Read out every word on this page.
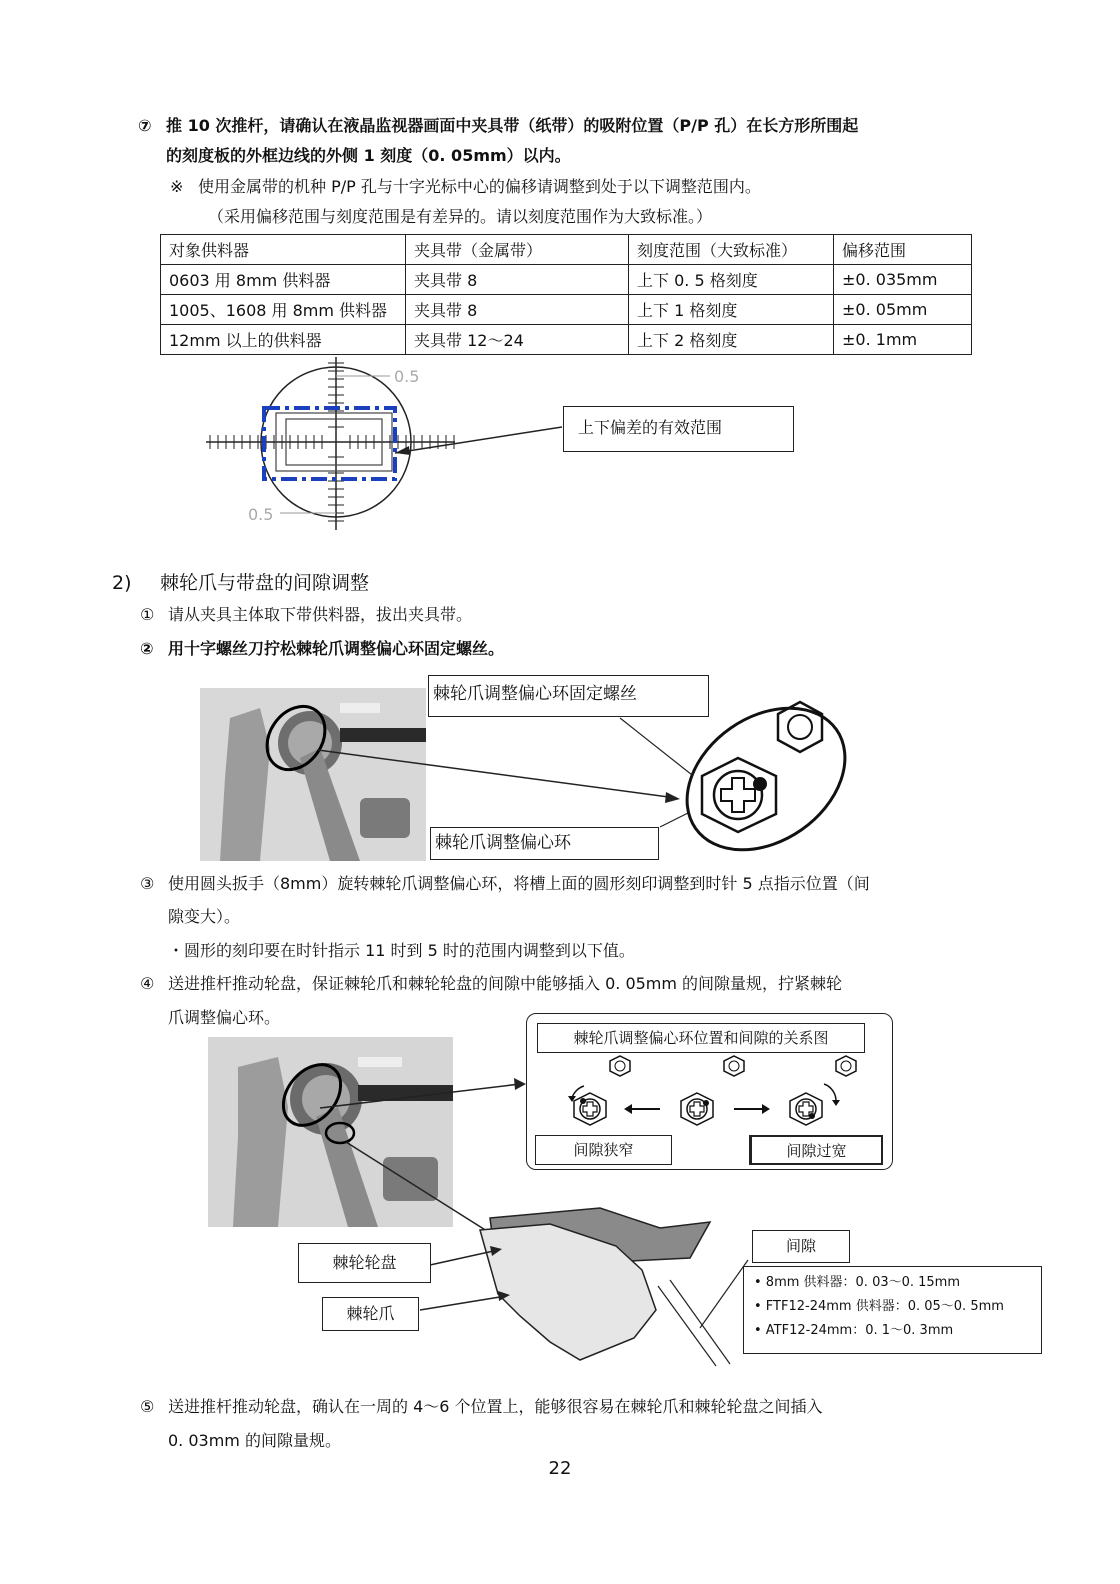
⑦ 推 10 次推杆，请确认在液晶监视器画面中夹具带（纸带）的吸附位置（P/P 孔）在长方形所围起
的刻度板的外框边线的外侧 1 刻度（0. 05mm）以内。
※ 使用金属带的机种 P/P 孔与十字光标中心的偏移请调整到处于以下调整范围内。
（采用偏移范围与刻度范围是有差异的。请以刻度范围作为大致标准。）
对象供料器	夹具带（金属带）	刻度范围（大致标准）	偏移范围
0603 用 8mm 供料器	夹具带 8	上下 0. 5 格刻度	±0. 035mm
1005、1608 用 8mm 供料器	夹具带 8	上下 1 格刻度	±0. 05mm
12mm 以上的供料器	夹具带 12～24	上下 2 格刻度	±0. 1mm
0.5
0.5
上下偏差的有效范围
2) 棘轮爪与带盘的间隙调整
① 请从夹具主体取下带供料器，拔出夹具带。
② 用十字螺丝刀拧松棘轮爪调整偏心环固定螺丝。
棘轮爪调整偏心环固定螺丝
棘轮爪调整偏心环
③ 使用圆头扳手（8mm）旋转棘轮爪调整偏心环，将槽上面的圆形刻印调整到时针 5 点指示位置（间
隙变大）。
・圆形的刻印要在时针指示 11 时到 5 时的范围内调整到以下值。
④ 送进推杆推动轮盘，保证棘轮爪和棘轮轮盘的间隙中能够插入 0. 05mm 的间隙量规，拧紧棘轮
爪调整偏心环。
棘轮爪调整偏心环位置和间隙的关系图
间隙狭窄	间隙过宽
棘轮轮盘
棘轮爪
间隙
• 8mm 供料器：0. 03～0. 15mm
• FTF12-24mm 供料器：0. 05～0. 5mm
• ATF12-24mm：0. 1～0. 3mm
⑤ 送进推杆推动轮盘，确认在一周的 4～6 个位置上，能够很容易在棘轮爪和棘轮轮盘之间插入
0. 03mm 的间隙量规。
22
